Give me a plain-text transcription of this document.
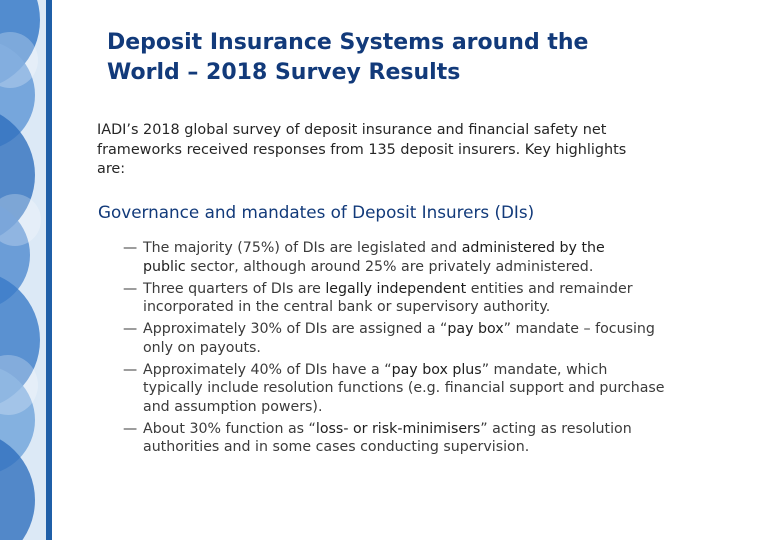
Deposit Insurance Systems around the
World – 2018 Survey Results
IADI’s 2018 global survey of deposit insurance and financial safety net
frameworks received responses from 135 deposit insurers. Key highlights
are:
Governance and mandates of Deposit Insurers (DIs)
— The majority (75%) of DIs are legislated and administered by the
public sector, although around 25% are privately administered.
— Three quarters of DIs are legally independent entities and remainder
incorporated in the central bank or supervisory authority.
— Approximately 30% of DIs are assigned a “pay box” mandate – focusing
only on payouts.
— Approximately 40% of DIs have a “pay box plus” mandate, which
typically include resolution functions (e.g. financial support and purchase
and assumption powers).
— About 30% function as “loss- or risk-minimisers” acting as resolution
authorities and in some cases conducting supervision.
